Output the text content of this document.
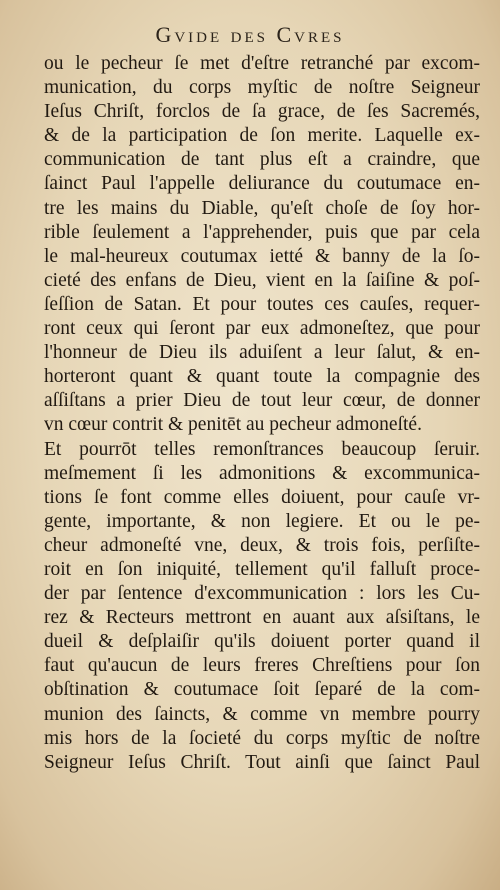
Gvide des Cvres
ou le pecheur ſe met d'eſtre retranché par excom-
munication, du corps myſtic de noſtre Seigneur
Ieſus Chriſt, forclos de ſa grace, de ſes Sacremés,
& de la participation de ſon merite. Laquelle ex-
communication de tant plus eſt a craindre, que
ſainct Paul l'appelle deliurance du coutumace en-
tre les mains du Diable, qu'eſt choſe de ſoy hor-
rible ſeulement a l'apprehender, puis que par cela
le mal-heureux coutumax ietté & banny de la ſo-
cieté des enfans de Dieu, vient en la ſaiſine & poſ-
ſeſſion de Satan. Et pour toutes ces cauſes, requer-
ront ceux qui ſeront par eux admoneſtez, que pour
l'honneur de Dieu ils aduiſent a leur ſalut, & en-
horteront quant & quant toute la compagnie des
aſſiſtans a prier Dieu de tout leur cœur, de donner
vn cœur contrit & penitēt au pecheur admoneſté.
Et pourrōt telles remonſtrances beaucoup ſeruir.
meſmement ſi les admonitions & excommunica-
tions ſe font comme elles doiuent, pour cauſe vr-
gente, importante, & non legiere. Et ou le pe-
cheur admoneſté vne, deux, & trois fois, perſiſte-
roit en ſon iniquité, tellement qu'il falluſt proce-
der par ſentence d'excommunication : lors les Cu-
rez & Recteurs mettront en auant aux aſsiſtans, le
dueil & deſplaiſir qu'ils doiuent porter quand il
faut qu'aucun de leurs freres Chreſtiens pour ſon
obſtination & coutumace ſoit ſeparé de la com-
munion des ſaincts, & comme vn membre pourry
mis hors de la ſocieté du corps myſtic de noſtre
Seigneur Ieſus Chriſt. Tout ainſi que ſainct Paul
